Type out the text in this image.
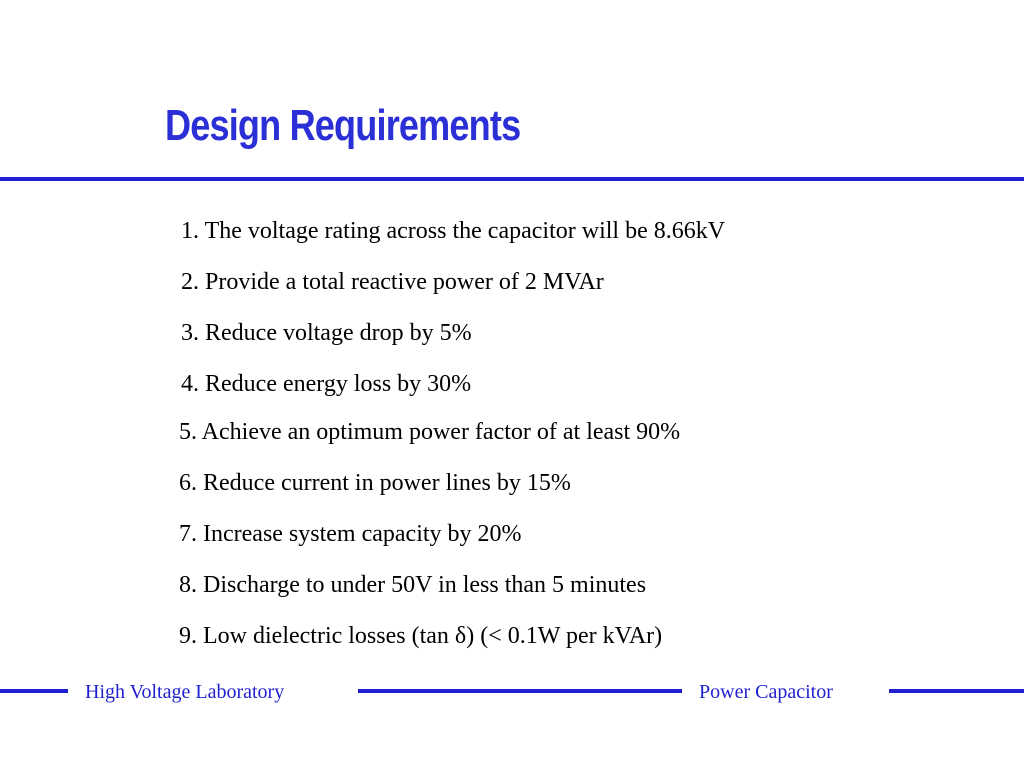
Design Requirements
1. The voltage rating across the capacitor will be 8.66kV
2. Provide a total reactive power of 2 MVAr
3. Reduce voltage drop by 5%
4. Reduce energy loss by 30%
5. Achieve an optimum power factor of at least 90%
6. Reduce current in power lines by 15%
7. Increase system capacity by 20%
8. Discharge to under 50V in less than 5 minutes
9. Low dielectric losses (tan δ) (< 0.1W per kVAr)
High Voltage Laboratory	Power Capacitor
